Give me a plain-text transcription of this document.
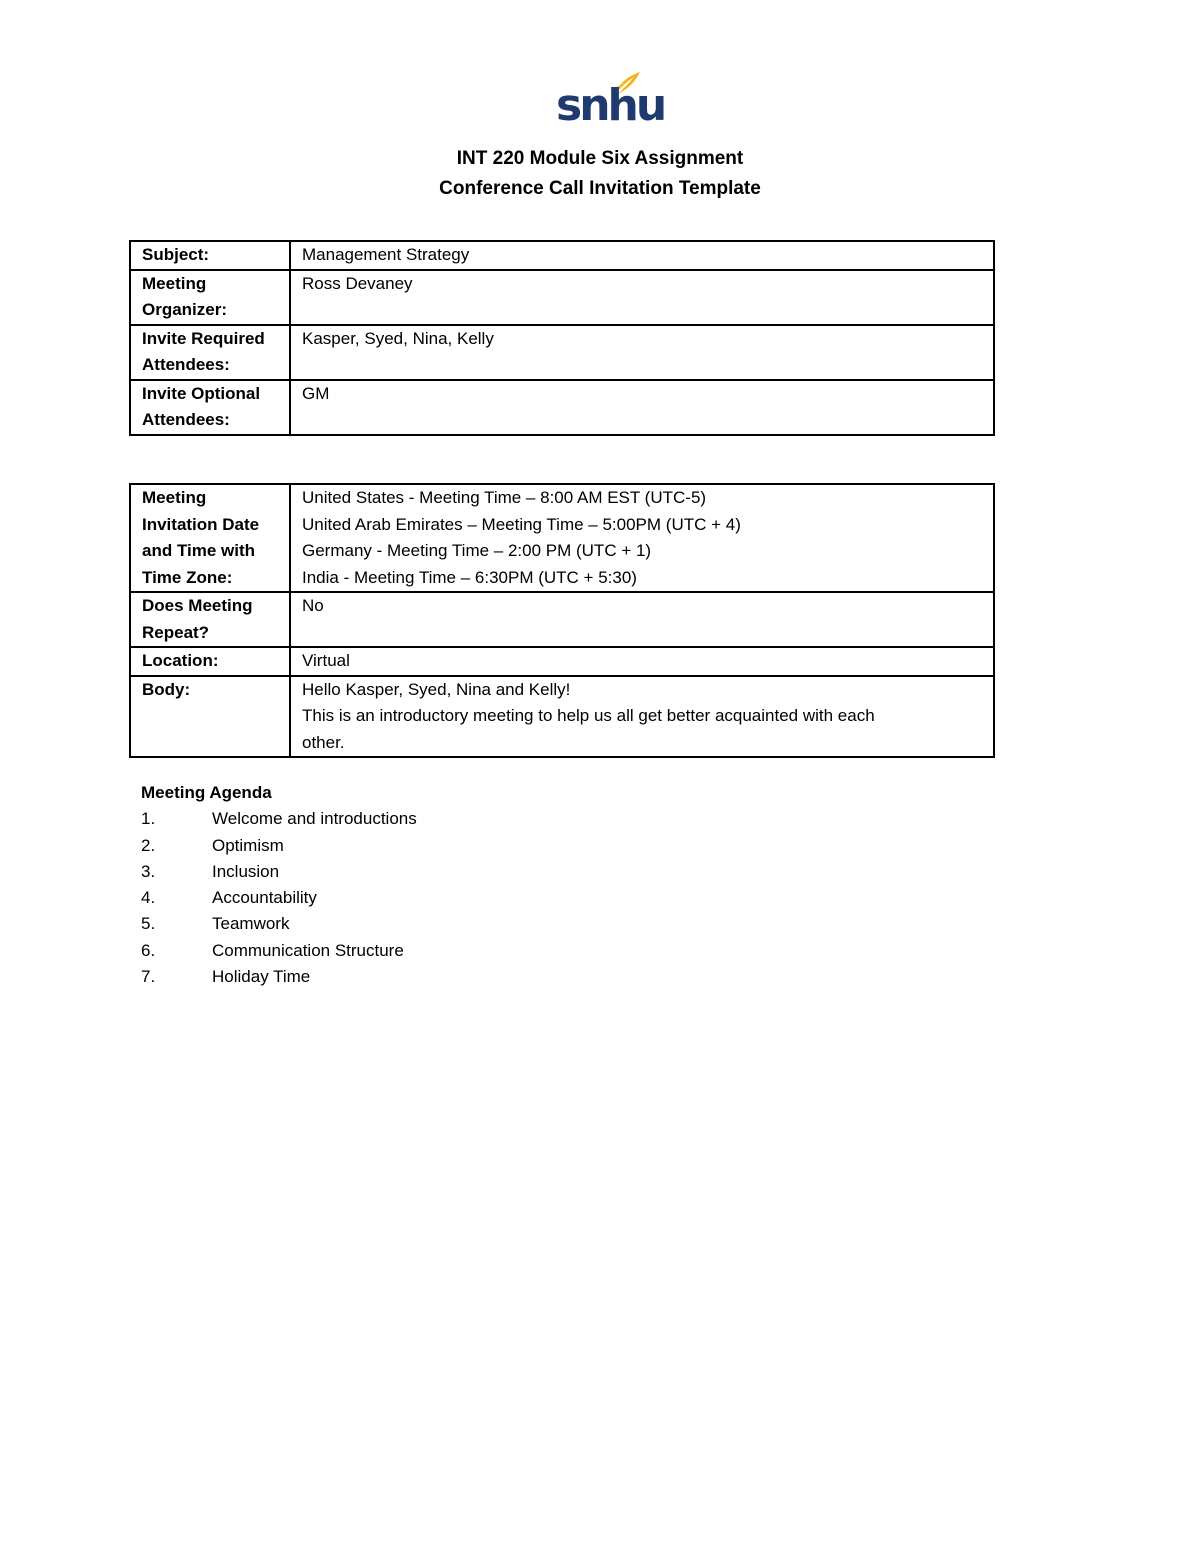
snhu
INT 220 Module Six Assignment
Conference Call Invitation Template
Subject:	Management Strategy

Meeting Organizer:	Ross Devaney

Invite Required Attendees:	Kasper, Syed, Nina, Kelly

Invite Optional Attendees:	GM
Meeting Invitation Date and Time with Time Zone:	United States - Meeting Time – 8:00 AM EST (UTC-5)
United Arab Emirates – Meeting Time – 5:00PM (UTC + 4)
Germany - Meeting Time – 2:00 PM (UTC + 1)
India - Meeting Time – 6:30PM (UTC + 5:30)

Does Meeting Repeat?	No

Location:	Virtual

Body:	Hello Kasper, Syed, Nina and Kelly!
This is an introductory meeting to help us all get better acquainted with each
other.
Meeting Agenda
1.	Welcome and introductions
2.	Optimism
3.	Inclusion
4.	Accountability
5.	Teamwork
6.	Communication Structure
7.	Holiday Time
